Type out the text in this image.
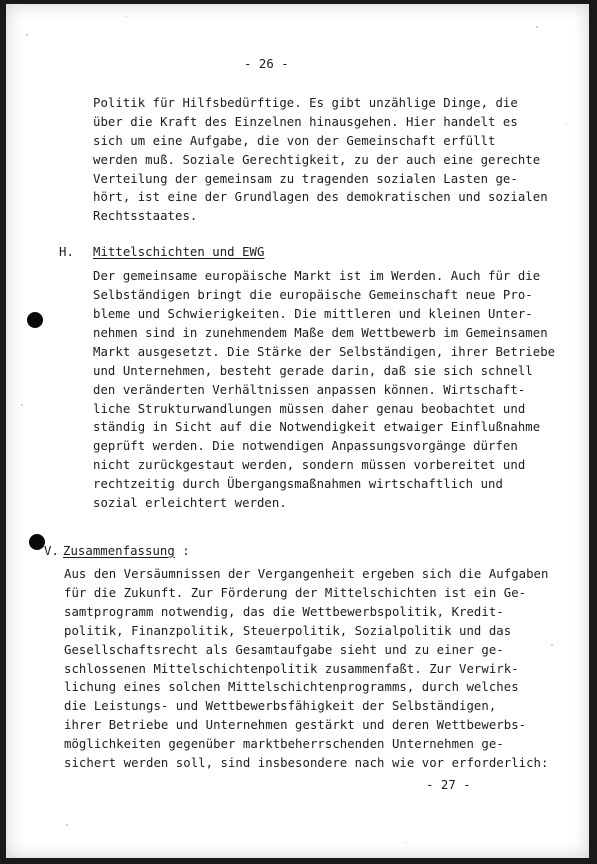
- 26 -
Politik für Hilfsbedürftige. Es gibt unzählige Dinge, die
über die Kraft des Einzelnen hinausgehen. Hier handelt es
sich um eine Aufgabe, die von der Gemeinschaft erfüllt
werden muß. Soziale Gerechtigkeit, zu der auch eine gerechte
Verteilung der gemeinsam zu tragenden sozialen Lasten ge-
hört, ist eine der Grundlagen des demokratischen und sozialen
Rechtsstaates.
H. Mittelschichten und EWG
Der gemeinsame europäische Markt ist im Werden. Auch für die
Selbständigen bringt die europäische Gemeinschaft neue Pro-
bleme und Schwierigkeiten. Die mittleren und kleinen Unter-
nehmen sind in zunehmendem Maße dem Wettbewerb im Gemeinsamen
Markt ausgesetzt. Die Stärke der Selbständigen, ihrer Betriebe
und Unternehmen, besteht gerade darin, daß sie sich schnell
den veränderten Verhältnissen anpassen können. Wirtschaft-
liche Strukturwandlungen müssen daher genau beobachtet und
ständig in Sicht auf die Notwendigkeit etwaiger Einflußnahme
geprüft werden. Die notwendigen Anpassungsvorgänge dürfen
nicht zurückgestaut werden, sondern müssen vorbereitet und
rechtzeitig durch Übergangsmaßnahmen wirtschaftlich und
sozial erleichtert werden.
V. Zusammenfassung :
Aus den Versäumnissen der Vergangenheit ergeben sich die Aufgaben
für die Zukunft. Zur Förderung der Mittelschichten ist ein Ge-
samtprogramm notwendig, das die Wettbewerbspolitik, Kredit-
politik, Finanzpolitik, Steuerpolitik, Sozialpolitik und das
Gesellschaftsrecht als Gesamtaufgabe sieht und zu einer ge-
schlossenen Mittelschichtenpolitik zusammenfaßt. Zur Verwirk-
lichung eines solchen Mittelschichtenprogramms, durch welches
die Leistungs- und Wettbewerbsfähigkeit der Selbständigen,
ihrer Betriebe und Unternehmen gestärkt und deren Wettbewerbs-
möglichkeiten gegenüber marktbeherrschenden Unternehmen ge-
sichert werden soll, sind insbesondere nach wie vor erforderlich:
- 27 -
